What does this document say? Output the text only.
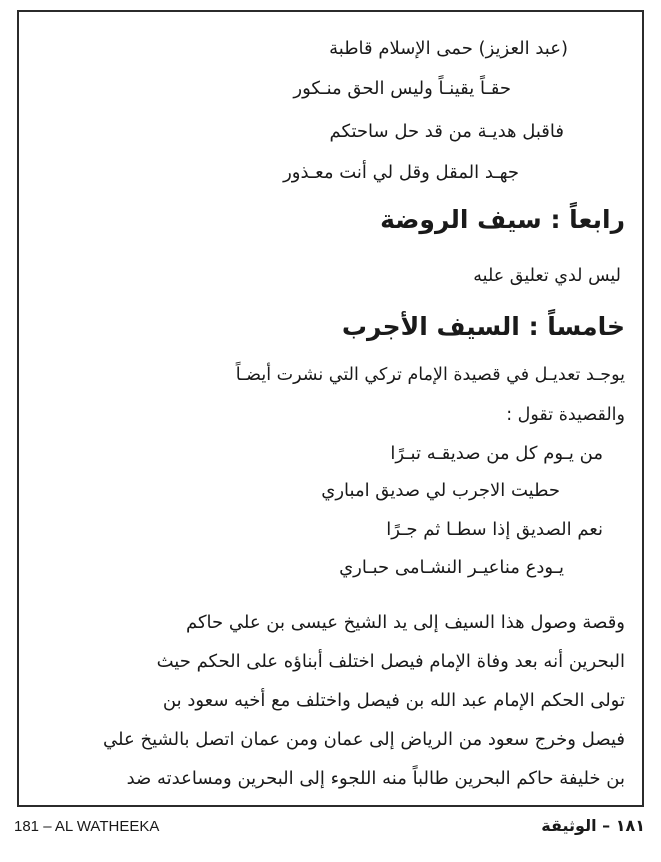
(عبد العزيز) حمى الإسلام قاطبة
حقـاً يقينـاً وليس الحق منـكور
فاقبل هديـة من قد حل ساحتكم
جهـد المقل وقل لي أنت معـذور
رابعاً : سيف الروضة
ليس لدي تعليق عليه
خامساً : السيف الأجرب
يوجـد تعديـل في قصيدة الإمام تركي التي نشرت أيضـاً
والقصيدة تقول :
من يـوم كل من صديقـه تبـرًا
حطيت الاجرب لي صديق امباري
نعم الصديق إذا سطـا ثم جـرًا
يـودع مناعيـر النشـامى حبـاري
وقصة وصول هذا السيف إلى يد الشيخ عيسى بن علي حاكم
البحرين أنه بعد وفاة الإمام فيصل اختلف أبناؤه على الحكم حيث
تولى الحكم الإمام عبد الله بن فيصل واختلف مع أخيه سعود بن
فيصل وخرج سعود من الرياض إلى عمان ومن عمان اتصل بالشيخ علي
بن خليفة حاكم البحرين طالباً منه اللجوء إلى البحرين ومساعدته ضد
181 – AL WATHEEKA	١٨١ – الوثيقة
